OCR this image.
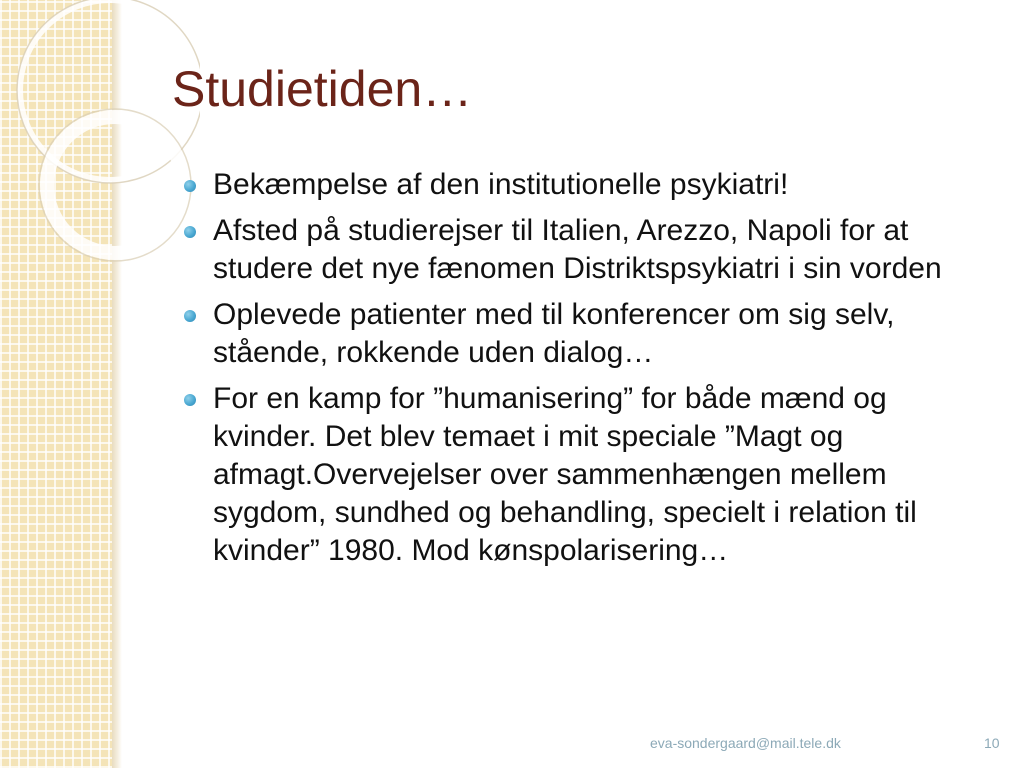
Studietiden…
Bekæmpelse af den institutionelle psykiatri!
Afsted på studierejser til Italien, Arezzo, Napoli for at studere det nye fænomen Distriktspsykiatri i sin vorden
Oplevede patienter med til konferencer om sig selv, stående, rokkende uden dialog…
For en kamp for ”humanisering” for både mænd og kvinder. Det blev temaet i mit speciale ”Magt og afmagt.Overvejelser over sammenhængen mellem sygdom, sundhed og behandling, specielt i relation til kvinder” 1980. Mod kønspolarisering…
eva-sondergaard@mail.tele.dk	10
